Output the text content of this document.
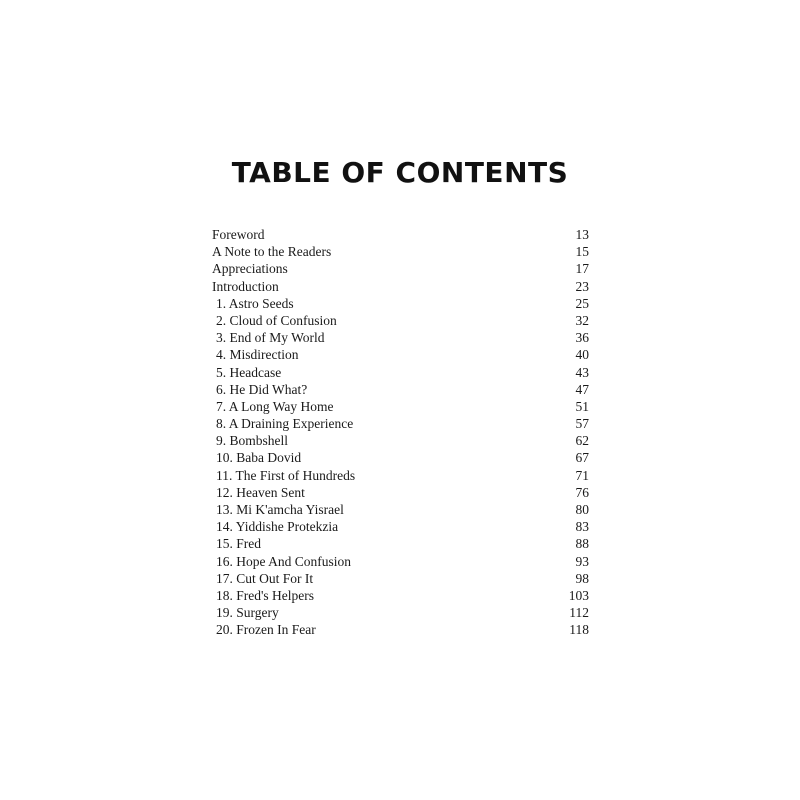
TABLE OF CONTENTS
Foreword	13
A Note to the Readers	15
Appreciations	17
Introduction	23
1. Astro Seeds	25
2. Cloud of Confusion	32
3. End of My World	36
4. Misdirection	40
5. Headcase	43
6. He Did What?	47
7. A Long Way Home	51
8. A Draining Experience	57
9. Bombshell	62
10. Baba Dovid	67
11. The First of Hundreds	71
12. Heaven Sent	76
13. Mi K'amcha Yisrael	80
14. Yiddishe Protekzia	83
15. Fred	88
16. Hope And Confusion	93
17. Cut Out For It	98
18. Fred's Helpers	103
19. Surgery	112
20. Frozen In Fear	118
